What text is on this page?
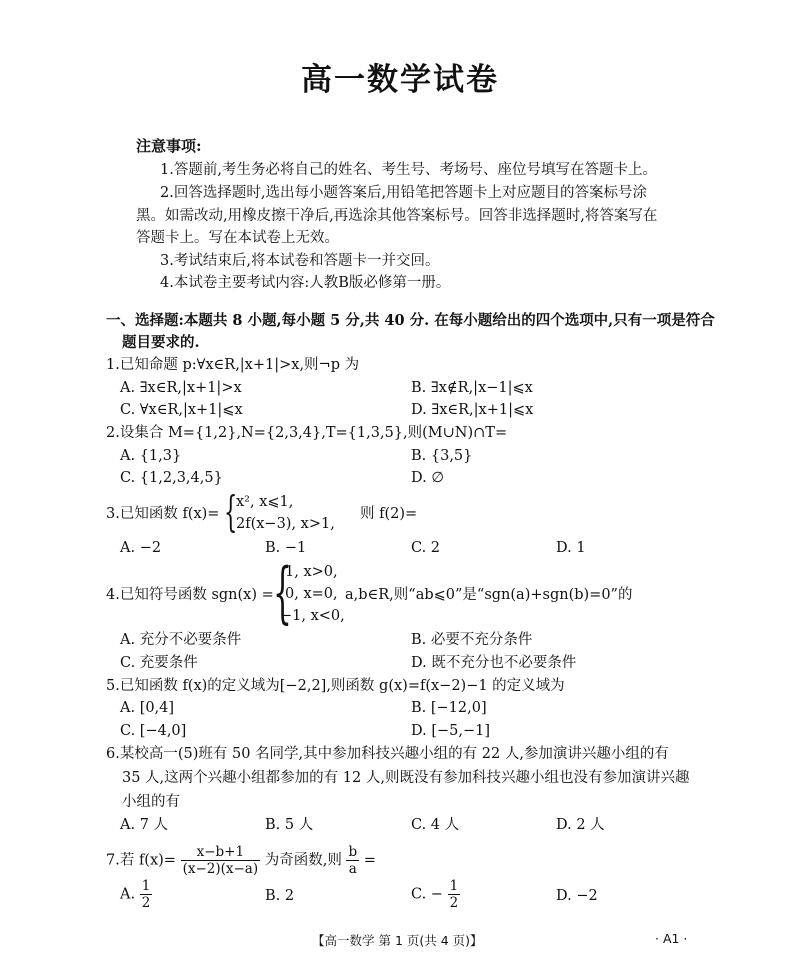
高一数学试卷
注意事项:
1.答题前,考生务必将自己的姓名、考生号、考场号、座位号填写在答题卡上。
2.回答选择题时,选出每小题答案后,用铅笔把答题卡上对应题目的答案标号涂
黑。如需改动,用橡皮擦干净后,再选涂其他答案标号。回答非选择题时,将答案写在
答题卡上。写在本试卷上无效。
3.考试结束后,将本试卷和答题卡一并交回。
4.本试卷主要考试内容:人教B版必修第一册。
一、选择题:本题共 8 小题,每小题 5 分,共 40 分. 在每小题给出的四个选项中,只有一项是符合
题目要求的.
1.已知命题 p:∀x∈R,|x+1|>x,则¬p 为
A. ∃x∈R,|x+1|>x	B. ∃x∉R,|x−1|⩽x
C. ∀x∈R,|x+1|⩽x	D. ∃x∈R,|x+1|⩽x
2.设集合 M={1,2},N={2,3,4},T={1,3,5},则(M∪N)∩T=
A. {1,3}	B. {3,5}
C. {1,2,3,4,5}	D. ∅
3.已知函数 f(x)= {
x², x⩽1,
2f(x−3), x>1,
则 f(2)=
A. −2	B. −1	C. 2	D. 1
4.已知符号函数 sgn(x) = {
1, x>0,
0, x=0,
−1, x<0,
a,b∈R,则“ab⩽0”是“sgn(a)+sgn(b)=0”的
A. 充分不必要条件	B. 必要不充分条件
C. 充要条件	D. 既不充分也不必要条件
5.已知函数 f(x)的定义域为[−2,2],则函数 g(x)=f(x−2)−1 的定义域为
A. [0,4]	B. [−12,0]
C. [−4,0]	D. [−5,−1]
6.某校高一(5)班有 50 名同学,其中参加科技兴趣小组的有 22 人,参加演讲兴趣小组的有
35 人,这两个兴趣小组都参加的有 12 人,则既没有参加科技兴趣小组也没有参加演讲兴趣
小组的有
A. 7 人	B. 5 人	C. 4 人	D. 2 人
7.若 $f(x)= \frac{x-b+1}{(x-2)(x-a)}$ 为奇函数,则 $\frac{b}{a}$ =
A. $\frac{1}{2}$	B. 2	C. − $\frac{1}{2}$	D. −2
【高一数学 第 1 页(共 4 页)】	· A1 ·
